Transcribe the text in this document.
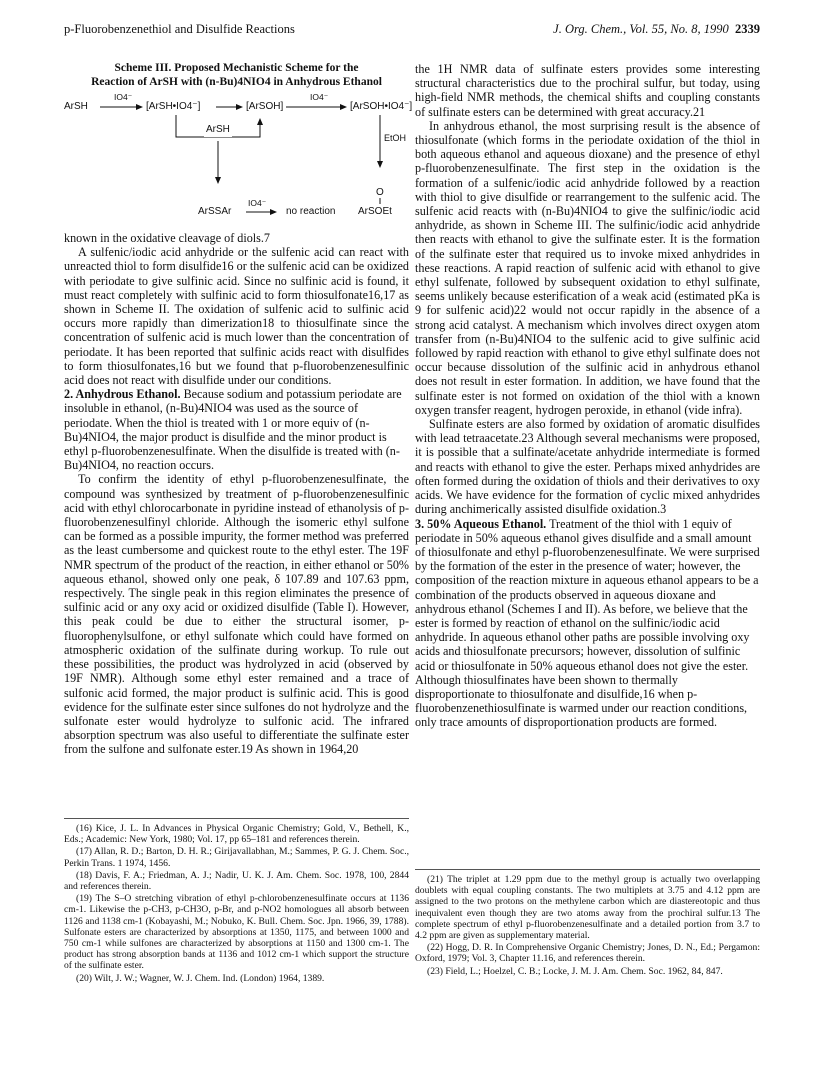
p-Fluorobenzenethiol and Disulfide Reactions	J. Org. Chem., Vol. 55, No. 8, 1990 2339
Scheme III. Proposed Mechanistic Scheme for the
Reaction of ArSH with (n-Bu)4NIO4 in Anhydrous Ethanol
ArSH
IO4⁻
[ArSH•IO4⁻]	[ArSOH]
IO4⁻
[ArSOH•IO4⁻]
ArSH
EtOH
O
ArSSAr
IO4⁻
no reaction ArSOEt

known in the oxidative cleavage of diols.7

A sulfenic/iodic acid anhydride or the sulfenic acid can react with unreacted thiol to form disulfide16 or the sulfenic acid can be oxidized with periodate to give sulfinic acid. Since no sulfinic acid is found, it must react completely with sulfinic acid to form thiosulfonate16,17 as shown in Scheme II. The oxidation of sulfenic acid to sulfinic acid occurs more rapidly than dimerization18 to thiosulfinate since the concentration of sulfenic acid is much lower than the concentration of periodate. It has been reported that sulfinic acids react with disulfides to form thiosulfonates,16 but we found that p-fluorobenzenesulfinic acid does not react with disulfide under our conditions.

2. Anhydrous Ethanol. Because sodium and potassium periodate are insoluble in ethanol, (n-Bu)4NIO4 was used as the source of periodate. When the thiol is treated with 1 or more equiv of (n-Bu)4NIO4, the major product is disulfide and the minor product is ethyl p-fluorobenzenesulfinate. When the disulfide is treated with (n-Bu)4NIO4, no reaction occurs.

To confirm the identity of ethyl p-fluorobenzenesulfinate, the compound was synthesized by treatment of p-fluorobenzenesulfinic acid with ethyl chlorocarbonate in pyridine instead of ethanolysis of p-fluorobenzenesulfinyl chloride. Although the isomeric ethyl sulfone can be formed as a possible impurity, the former method was preferred as the least cumbersome and quickest route to the ethyl ester. The 19F NMR spectrum of the product of the reaction, in either ethanol or 50% aqueous ethanol, showed only one peak, δ 107.89 and 107.63 ppm, respectively. The single peak in this region eliminates the presence of sulfinic acid or any oxy acid or oxidized disulfide (Table I). However, this peak could be due to either the structural isomer, p-fluorophenylsulfone, or ethyl sulfonate which could have formed on atmospheric oxidation of the sulfinate during workup. To rule out these possibilities, the product was hydrolyzed in acid (observed by 19F NMR). Although some ethyl ester remained and a trace of sulfonic acid formed, the major product is sulfinic acid. This is good evidence for the sulfinate ester since sulfones do not hydrolyze and the sulfonate ester would hydrolyze to sulfonic acid. The infrared absorption spectrum was also useful to differentiate the sulfinate ester from the sulfone and sulfonate ester.19 As shown in 1964,20

the 1H NMR data of sulfinate esters provides some interesting structural characteristics due to the prochiral sulfur, but today, using high-field NMR methods, the chemical shifts and coupling constants of sulfinate esters can be determined with great accuracy.21

In anhydrous ethanol, the most surprising result is the absence of thiosulfonate (which forms in the periodate oxidation of the thiol in both aqueous ethanol and aqueous dioxane) and the presence of ethyl p-fluorobenzenesulfinate. The first step in the oxidation is the formation of a sulfenic/iodic acid anhydride followed by a reaction with thiol to give disulfide or rearrangement to the sulfenic acid. The sulfenic acid reacts with (n-Bu)4NIO4 to give the sulfinic/iodic acid anhydride, as shown in Scheme III. The sulfinic/iodic acid anhydride then reacts with ethanol to give the sulfinate ester. It is the formation of the sulfinate ester that required us to invoke mixed anhydrides in these reactions. A rapid reaction of sulfenic acid with ethanol to give ethyl sulfenate, followed by subsequent oxidation to ethyl sulfinate, seems unlikely because esterification of a weak acid (estimated pKa is 9 for sulfenic acid)22 would not occur rapidly in the absence of a strong acid catalyst. A mechanism which involves direct oxygen atom transfer from (n-Bu)4NIO4 to the sulfenic acid to give sulfinic acid followed by rapid reaction with ethanol to give ethyl sulfinate does not occur because dissolution of the sulfinic acid in anhydrous ethanol does not result in ester formation. In addition, we have found that the sulfinate ester is not formed on oxidation of the thiol with a known oxygen transfer reagent, hydrogen peroxide, in ethanol (vide infra).

Sulfinate esters are also formed by oxidation of aromatic disulfides with lead tetraacetate.23 Although several mechanisms were proposed, it is possible that a sulfinate/acetate anhydride intermediate is formed and reacts with ethanol to give the ester. Perhaps mixed anhydrides are often formed during the oxidation of thiols and their derivatives to oxy acids. We have evidence for the formation of cyclic mixed anhydrides during anchimerically assisted disulfide oxidation.3

3. 50% Aqueous Ethanol. Treatment of the thiol with 1 equiv of periodate in 50% aqueous ethanol gives disulfide and a small amount of thiosulfonate and ethyl p-fluorobenzenesulfinate. We were surprised by the formation of the ester in the presence of water; however, the composition of the reaction mixture in aqueous ethanol appears to be a combination of the products observed in aqueous dioxane and anhydrous ethanol (Schemes I and II). As before, we believe that the ester is formed by reaction of ethanol on the sulfinic/iodic acid anhydride. In aqueous ethanol other paths are possible involving oxy acids and thiosulfonate precursors; however, dissolution of sulfinic acid or thiosulfonate in 50% aqueous ethanol does not give the ester. Although thiosulfinates have been shown to thermally disproportionate to thiosulfonate and disulfide,16 when p-fluorobenzenethiosulfinate is warmed under our reaction conditions, only trace amounts of disproportionation products are formed.

(16) Kice, J. L. In Advances in Physical Organic Chemistry; Gold, V., Bethell, K., Eds.; Academic: New York, 1980; Vol. 17, pp 65–181 and references therein.

(17) Allan, R. D.; Barton, D. H. R.; Girijavallabhan, M.; Sammes, P. G. J. Chem. Soc., Perkin Trans. 1 1974, 1456.

(18) Davis, F. A.; Friedman, A. J.; Nadir, U. K. J. Am. Chem. Soc. 1978, 100, 2844 and references therein.

(19) The S–O stretching vibration of ethyl p-chlorobenzenesulfinate occurs at 1136 cm-1. Likewise the p-CH3, p-CH3O, p-Br, and p-NO2 homologues all absorb between 1126 and 1138 cm-1 (Kobayashi, M.; Nobuko, K. Bull. Chem. Soc. Jpn. 1966, 39, 1788). Sulfonate esters are characterized by absorptions at 1350, 1175, and between 1000 and 750 cm-1 while sulfones are characterized by absorptions at 1150 and 1300 cm-1. The product has strong absorption bands at 1136 and 1012 cm-1 which support the structure of the sulfinate ester.

(20) Wilt, J. W.; Wagner, W. J. Chem. Ind. (London) 1964, 1389.

(21) The triplet at 1.29 ppm due to the methyl group is actually two overlapping doublets with equal coupling constants. The two multiplets at 3.75 and 4.12 ppm are assigned to the two protons on the methylene carbon which are diastereotopic and thus inequivalent even though they are two atoms away from the prochiral sulfur.13 The complete spectrum of ethyl p-fluorobenzenesulfinate and a detailed portion from 3.7 to 4.2 ppm are given as supplementary material.

(22) Hogg, D. R. In Comprehensive Organic Chemistry; Jones, D. N., Ed.; Pergamon: Oxford, 1979; Vol. 3, Chapter 11.16, and references therein.

(23) Field, L.; Hoelzel, C. B.; Locke, J. M. J. Am. Chem. Soc. 1962, 84, 847.
